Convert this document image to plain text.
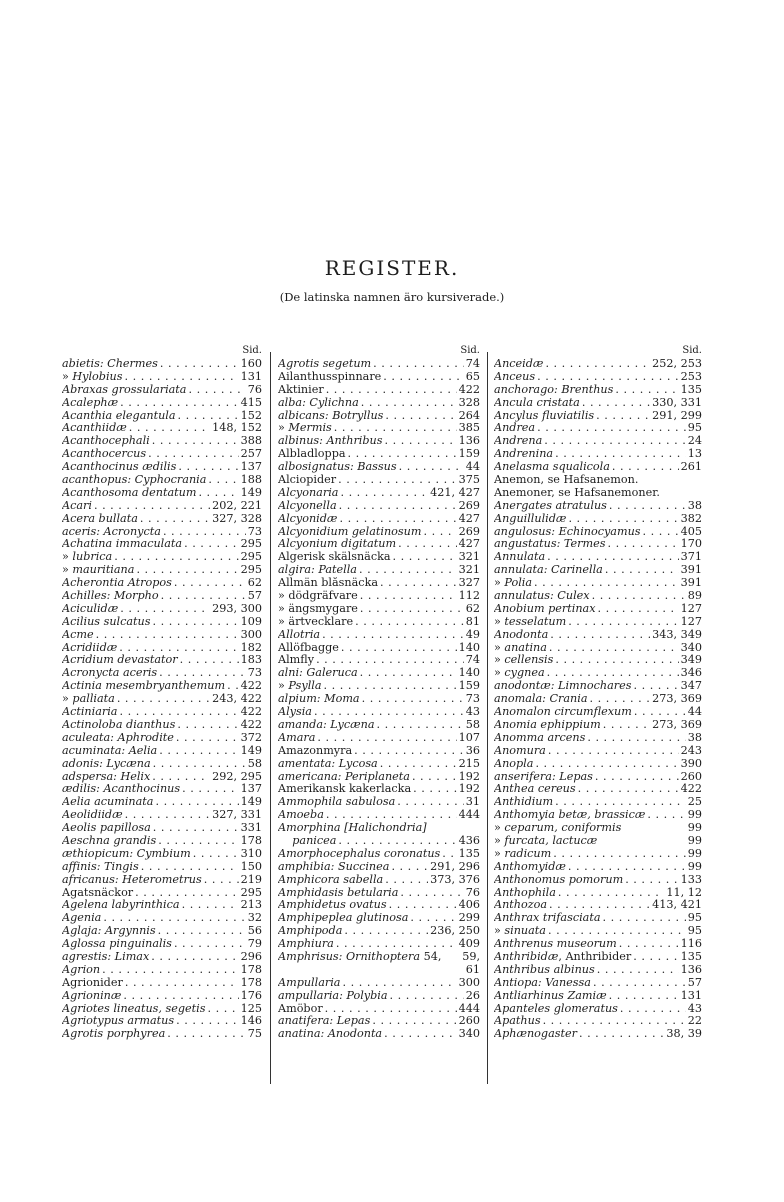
REGISTER.

(De latinska namnen äro kursiverade.)

Sid.
abietis: Chermes . . .	160
» Hylobius . . .	131
Abraxas grossulariata . . .	76
Acalephæ . . .	415
Acanthia elegantula . . .	152
Acanthiidæ . . .	148, 152
Acanthocephali . . .	388
Acanthocercus . . .	257
Acanthocinus ædilis . . .	137
acanthopus: Cyphocrania . . .	188
Acanthosoma dentatum . . .	149
Acari . . .	202, 221
Acera bullata . . .	327, 328
aceris: Acronycta . . .	73
Achatina immaculata . . .	295
» lubrica . . .	295
» mauritiana . . .	295
Acherontia Atropos . . .	62
Achilles: Morpho . . .	57
Aciculidæ . . .	293, 300
Acilius sulcatus . . .	109
Acme . . .	300
Acridiidæ . . .	182
Acridium devastator . . .	183
Acronycta aceris . . .	73
Actinia mesembryanthemum . . . 422
» palliata . . .	243, 422
Actiniaria . . .	422
Actinoloba dianthus . . .	422
aculeata: Aphrodite . . .	372
acuminata: Aelia . . .	149
adonis: Lycæna . . .	58
adspersa: Helix . . .	292, 295
ædilis: Acanthocinus . . .	137
Aelia acuminata . . .	149
Aeolidiidæ . . .	327, 331
Aeolis papillosa . . .	331
Aeschna grandis . . .	178
æthiopicum: Cymbium . . .	310
affinis: Tingis . . .	150
africanus: Heterometrus . . .	219
Agatsnäckor . . .	295
Agelena labyrinthica . . .	213
Agenia . . .	32
Aglaja: Argynnis . . .	56
Aglossa pinguinalis . . .	79
agrestis: Limax . . .	296
Agrion . . .	178
Agrionider . . .	178
Agrioninæ . . .	176
Agriotes lineatus, segetis . . .	125
Agriotypus armatus . . .	146
Agrotis porphyrea . . .	75
Sid.
Agrotis segetum . . .	74
Ailanthusspinnare . . .	65
Aktinier . . .	422
alba: Cylichna . . .	328
albicans: Botryllus . . .	264
» Mermis . . .	385
albinus: Anthribus . . .	136
Albladloppa . . .	159
albosignatus: Bassus . . .	44
Alciopider . . .	375
Alcyonaria . . .	421, 427
Alcyonella . . .	269
Alcyonidæ . . .	427
Alcyonidium gelatinosum . . .	269
Alcyonium digitatum . . .	427
Algerisk skälsnäcka . . .	321
algira: Patella . . .	321
Allmän blåsnäcka . . .	327
» dödgräfvare . . .	112
» ängsmygare . . .	62
» ärtvecklare . . .	81
Allotria . . .	49
Allöfbagge . . .	140
Almfly . . .	74
alni: Galeruca . . .	140
» Psylla . . .	159
alpium: Moma . . .	73
Alysia . . .	43
amanda: Lycæna . . .	58
Amara . . .	107
Amazonmyra . . .	36
amentata: Lycosa . . .	215
americana: Periplaneta . . .	192
Amerikansk kakerlacka . . .	192
Ammophila sabulosa . . .	31
Amoeba . . .	444
Amorphina [Halichondria]
panicea . . .	436
Amorphocephalus coronatus . . . 135
amphibia: Succinea . . .	291, 296
Amphicora sabella . . .	373, 376
Amphidasis betularia . . .	76
Amphidetus ovatus . . .	406
Amphipeplea glutinosa . . .	299
Amphipoda . . .	236, 250
Amphiura . . .	409
Amphrisus: Ornithoptera 54, 59,
61
Ampullaria . . .	300
ampullaria: Polybia . . .	26
Amöbor . . .	444
anatifera: Lepas . . .	260
anatina: Anodonta . . .	340
Sid.
Anceidæ . . .	252, 253
Anceus . . .	253
anchorago: Brenthus . . .	135
Ancula cristata . . .	330, 331
Ancylus fluviatilis . . .	291, 299
Andrea . . .	95
Andrena . . .	24
Andrenina . . .	13
Anelasma squalicola . . .	261
Anemon, se Hafsanemon.
Anemoner, se Hafsanemoner.
Anergates atratulus . . .	38
Anguillulidæ . . .	382
angulosus: Echinocyamus . . .	405
angustatus: Termes . . .	170
Annulata . . .	371
annulata: Carinella . . .	391
» Polia . . .	391
annulatus: Culex . . .	89
Anobium pertinax . . .	127
» tesselatum . . .	127
Anodonta . . .	343, 349
» anatina . . .	340
» cellensis . . .	349
» cygnea . . .	346
anodontæ: Limnochares . . .	347
anomala: Crania . . .	273, 369
Anomalon circumflexum . . .	44
Anomia ephippium . . .	273, 369
Anomma arcens . . .	38
Anomura . . .	243
Anopla . . .	390
anserifera: Lepas . . .	260
Anthea cereus . . .	422
Anthidium . . .	25
Anthomyia betæ, brassicæ . . .	99
» ceparum, coniformis	99
» furcata, lactucæ	99
» radicum . . .	99
Anthomyidæ . . .	99
Anthonomus pomorum . . .	133
Anthophila . . .	11, 12
Anthozoa . . .	413, 421
Anthrax trifasciata . . .	95
» sinuata . . .	95
Anthrenus museorum . . .	116
Anthribidæ, Anthribider . . .	135
Anthribus albinus . . .	136
Antiopa: Vanessa . . .	57
Antliarhinus Zamiæ . . .	131
Apanteles glomeratus . . .	43
Apathus . . .	22
Aphænogaster . . .	38, 39
